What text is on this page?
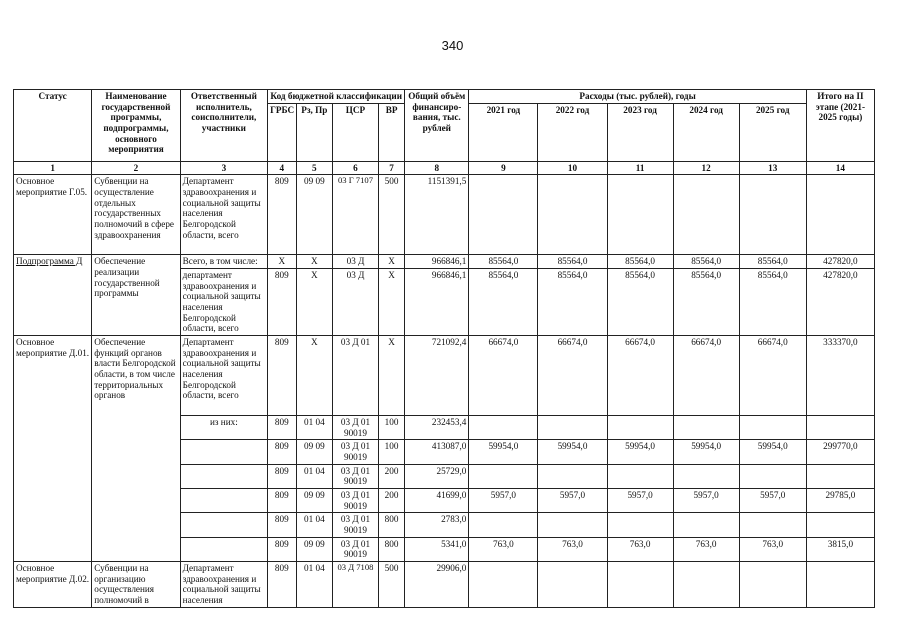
340
Статус	Наименование государственной программы, подпрограммы, основного мероприятия	Ответственный исполнитель, соисполнители, участники	Код бюджетной классификации				Общий объём финансиро-вания, тыс. рублей	Расходы (тыс. рублей), годы					Итого на II этапе (2021-2025 годы)
			ГРБС	Рз, Пр	ЦСР	ВР		2021 год	2022 год	2023 год	2024 год	2025 год	
1	2	3	4	5	6	7	8	9	10	11	12	13	14
Основное мероприятие Г.05.	Субвенции на осуществление отдельных государственных полномочий в сфере здравоохранения	Департамент здравоохранения и социальной защиты населения Белгородской области, всего	809	09 09	03 Г 7107	500	1151391,5						
Подпрограмма Д	Обеспечение реализации государственной программы	Всего, в том числе:	X	X	03 Д	X	966846,1	85564,0	85564,0	85564,0	85564,0	85564,0	427820,0
		департамент здравоохранения и социальной защиты населения Белгородской области, всего	809	X	03 Д	X	966846,1	85564,0	85564,0	85564,0	85564,0	85564,0	427820,0
Основное мероприятие Д.01.	Обеспечение функций органов власти Белгородской области, в том числе территориальных органов	Департамент здравоохранения и социальной защиты населения Белгородской области, всего	809	X	03 Д 01	X	721092,4	66674,0	66674,0	66674,0	66674,0	66674,0	333370,0
		из них:	809	01 04	03 Д 01 90019	100	232453,4						
			809	09 09	03 Д 01 90019	100	413087,0	59954,0	59954,0	59954,0	59954,0	59954,0	299770,0
			809	01 04	03 Д 01 90019	200	25729,0						
			809	09 09	03 Д 01 90019	200	41699,0	5957,0	5957,0	5957,0	5957,0	5957,0	29785,0
			809	01 04	03 Д 01 90019	800	2783,0						
			809	09 09	03 Д 01 90019	800	5341,0	763,0	763,0	763,0	763,0	763,0	3815,0
Основное мероприятие Д.02.	Субвенции на организацию осуществления полномочий в	Департамент здравоохранения и социальной защиты населения	809	01 04	03 Д 7108	500	29906,0						
